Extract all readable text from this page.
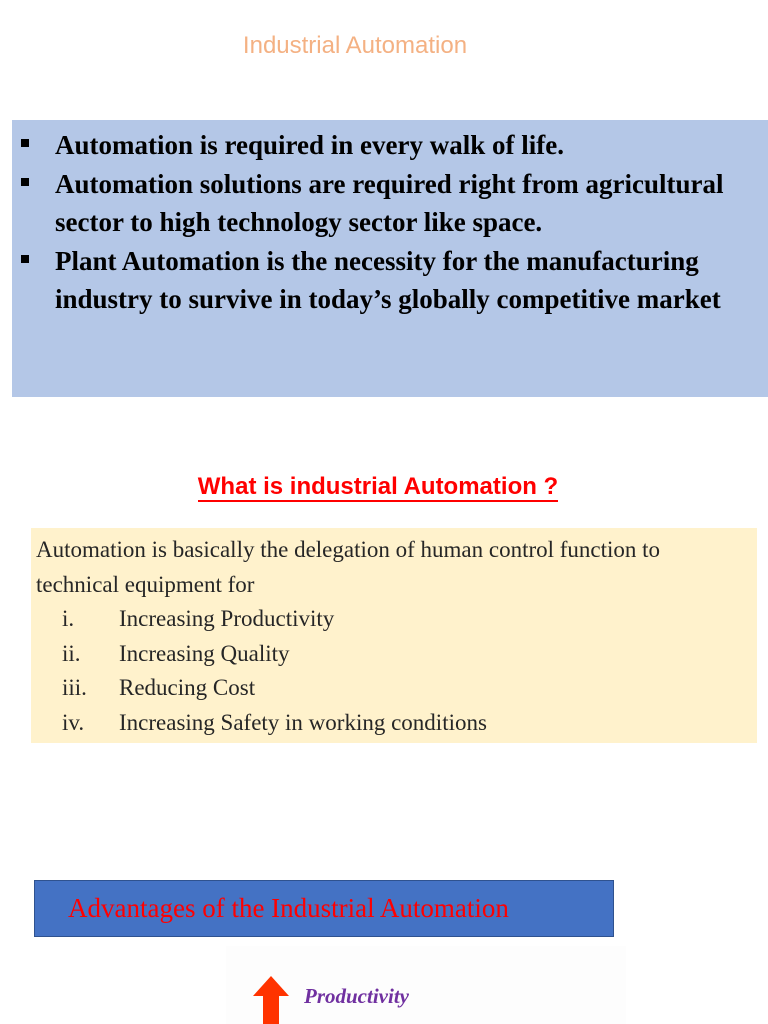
Industrial Automation
Automation is required in every walk of life.
Automation solutions are required right from agricultural sector to high technology sector like space.
Plant Automation is the necessity for the manufacturing industry to survive in today’s globally competitive market
What is industrial Automation ?

Automation is basically the delegation of human control function to technical equipment for

i. Increasing Productivity
ii. Increasing Quality
iii. Reducing Cost
iv. Increasing Safety in working conditions
Advantages of the Industrial Automation
Productivity
